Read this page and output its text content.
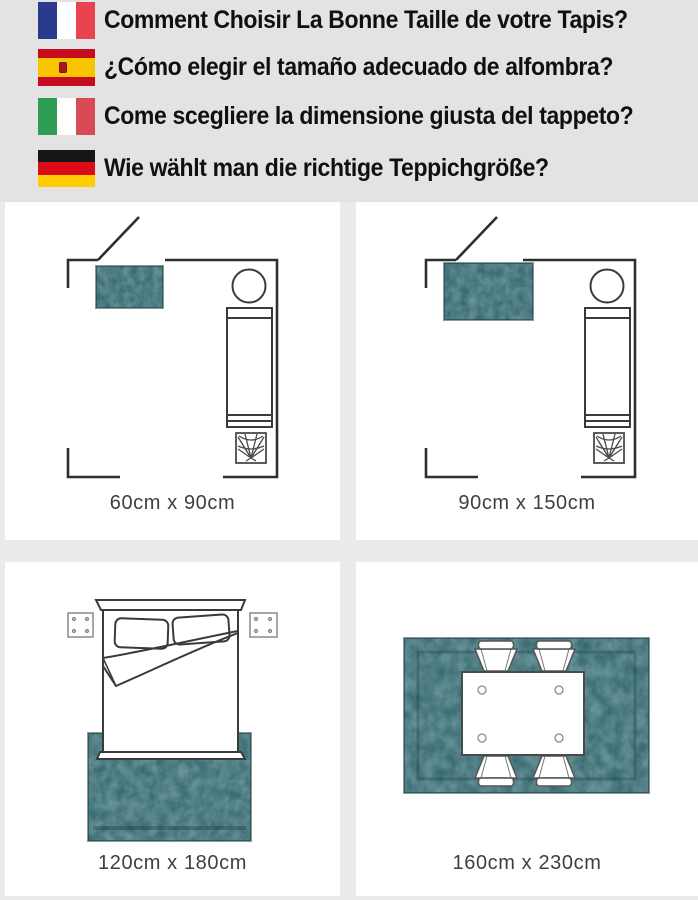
Comment Choisir La Bonne Taille de votre Tapis?
¿Cómo elegir el tamaño adecuado de alfombra?
Come scegliere la dimensione giusta del tappeto?
Wie wählt man die richtige Teppichgröße?
60cm x 90cm	90cm x 150cm
120cm x 180cm	160cm x 230cm
